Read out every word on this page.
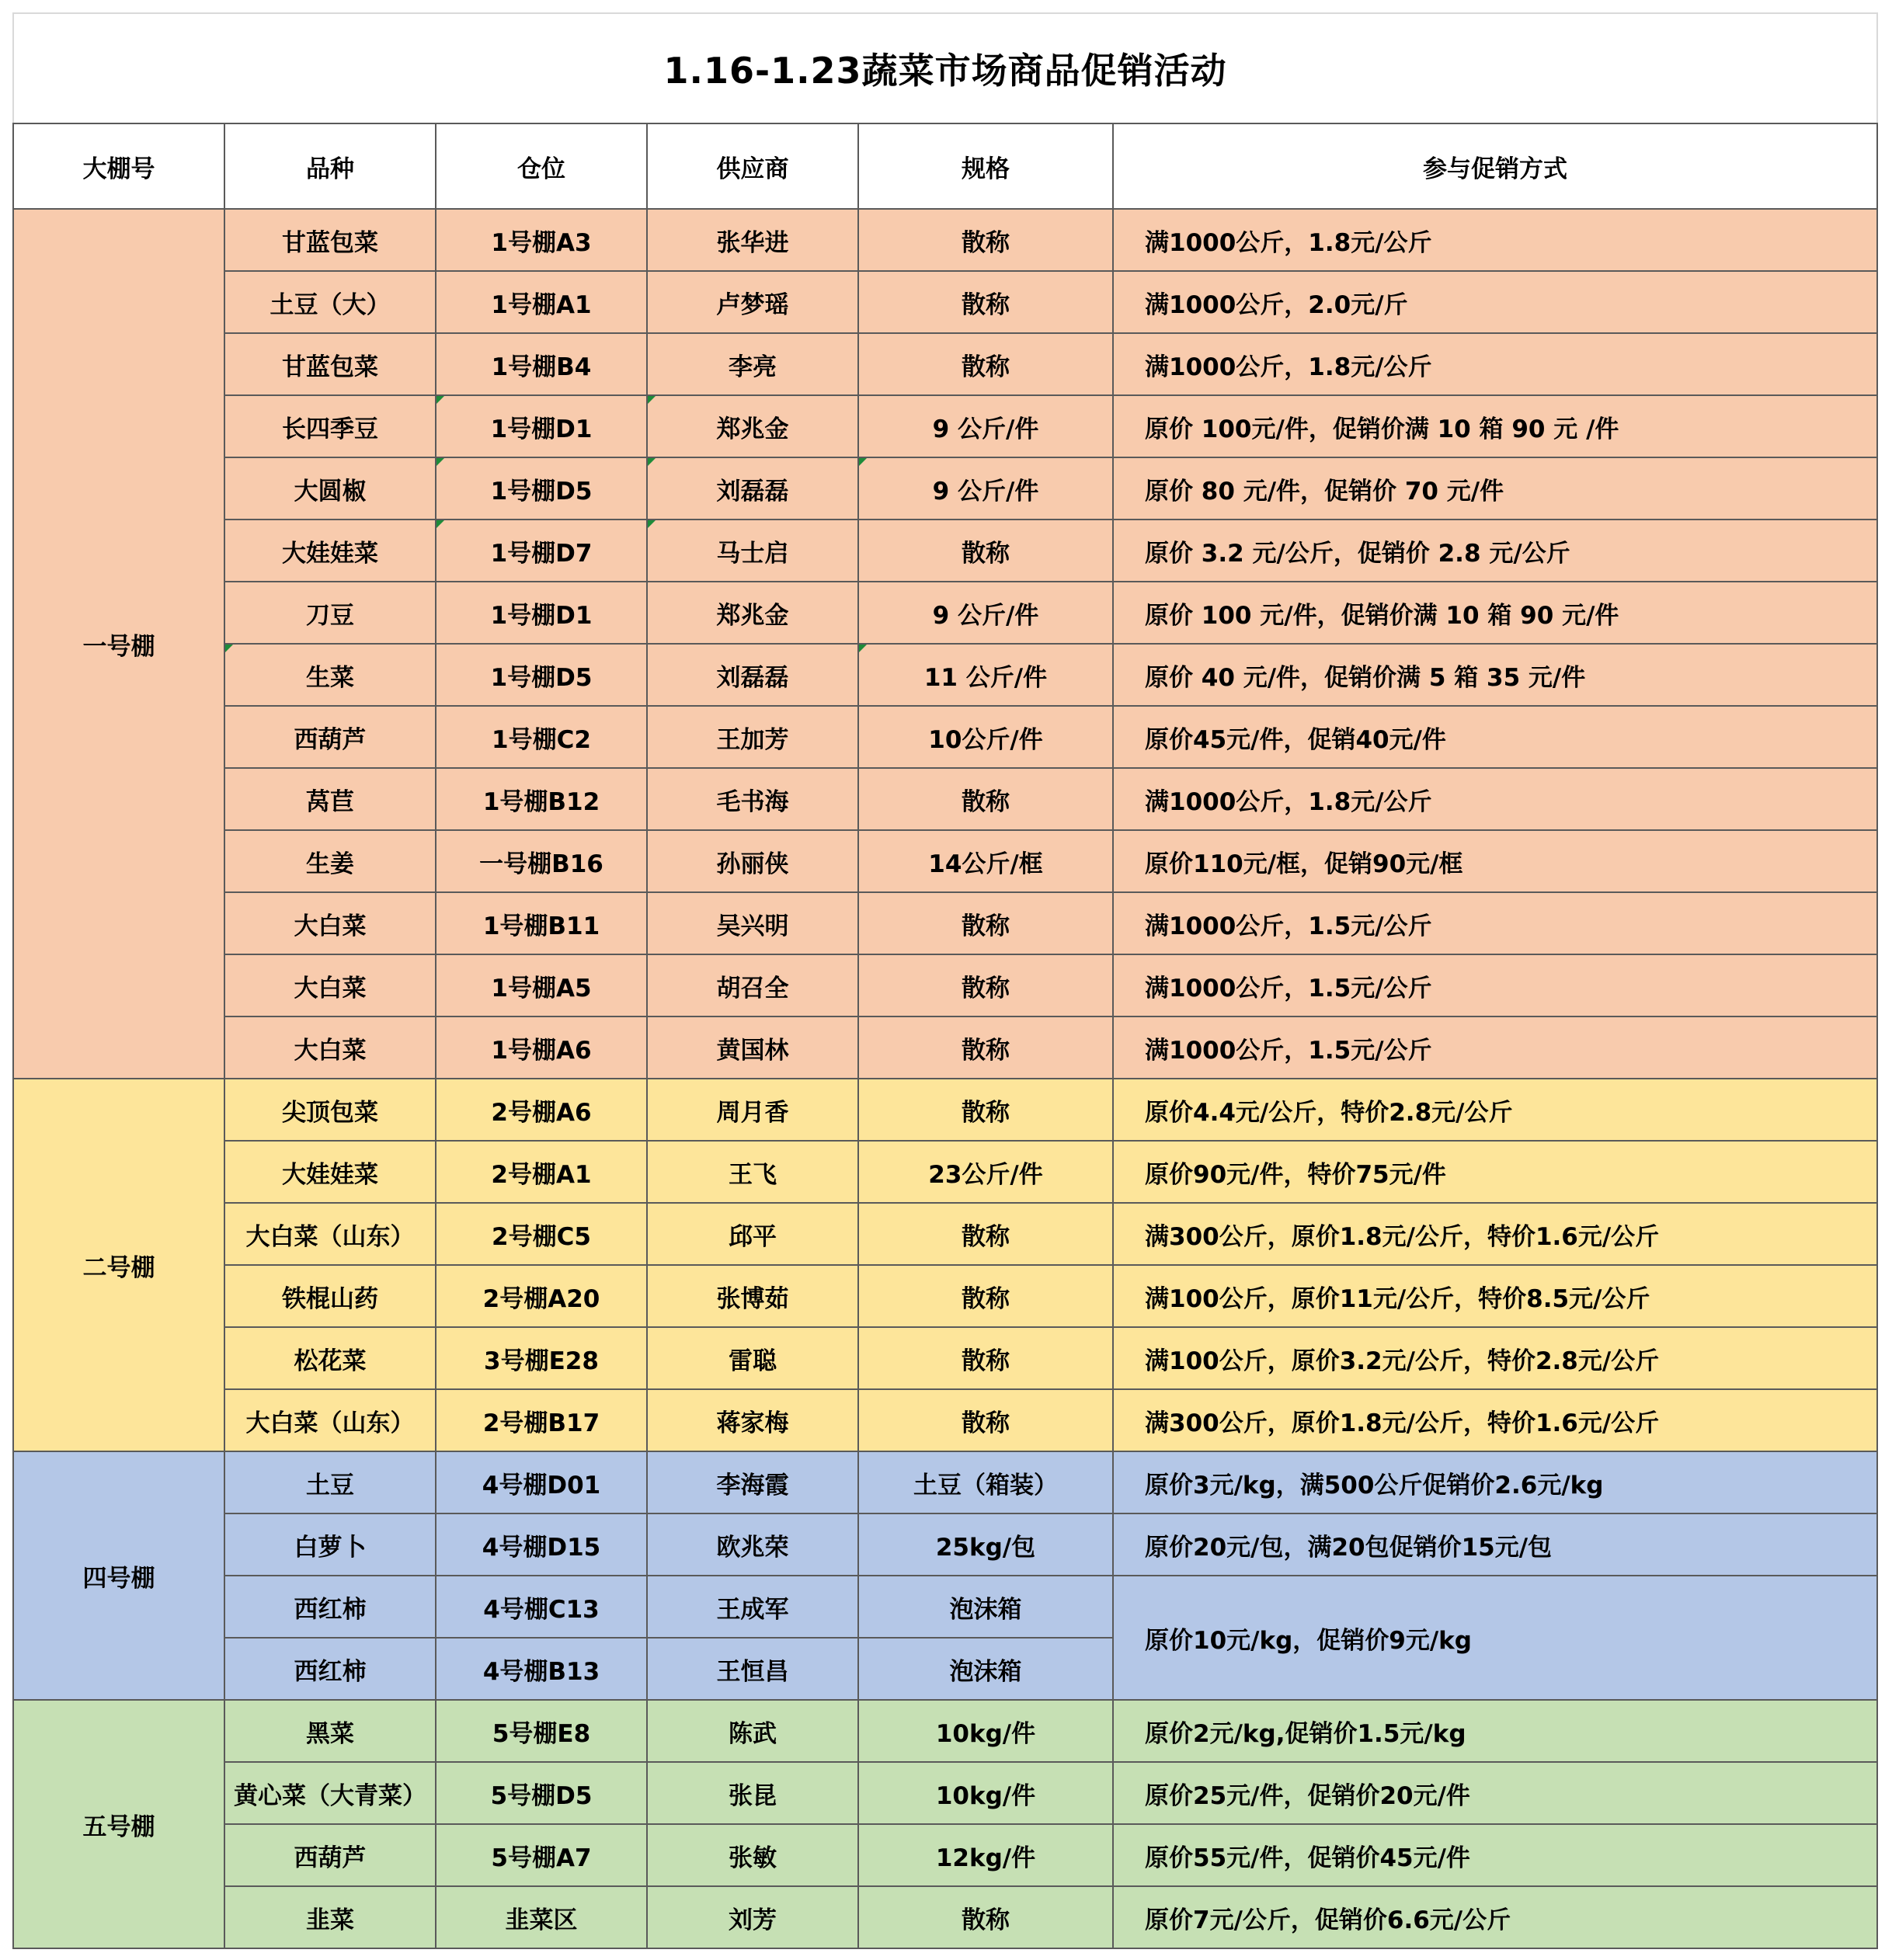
1.16-1.23蔬菜市场商品促销活动					
大棚号	品种	仓位	供应商	规格	参与促销方式
一号棚	甘蓝包菜	1号棚A3	张华进	散称	满1000公斤，1.8元/公斤
	土豆（大）	1号棚A1	卢梦瑶	散称	满1000公斤，2.0元/斤
	甘蓝包菜	1号棚B4	李亮	散称	满1000公斤，1.8元/公斤
	长四季豆	1号棚D1	郑兆金	9 公斤/件	原价 100元/件，促销价满 10 箱 90 元 /件
	大圆椒	1号棚D5	刘磊磊	9 公斤/件	原价 80 元/件，促销价 70 元/件
	大娃娃菜	1号棚D7	马士启	散称	原价 3.2 元/公斤，促销价 2.8 元/公斤
	刀豆	1号棚D1	郑兆金	9 公斤/件	原价 100 元/件，促销价满 10 箱 90 元/件
	生菜	1号棚D5	刘磊磊	11 公斤/件	原价 40 元/件，促销价满 5 箱 35 元/件
	西葫芦	1号棚C2	王加芳	10公斤/件	原价45元/件，促销40元/件
	莴苣	1号棚B12	毛书海	散称	满1000公斤，1.8元/公斤
	生姜	一号棚B16	孙丽侠	14公斤/框	原价110元/框，促销90元/框
	大白菜	1号棚B11	吴兴明	散称	满1000公斤，1.5元/公斤
	大白菜	1号棚A5	胡召全	散称	满1000公斤，1.5元/公斤
	大白菜	1号棚A6	黄国林	散称	满1000公斤，1.5元/公斤
二号棚	尖顶包菜	2号棚A6	周月香	散称	原价4.4元/公斤，特价2.8元/公斤
	大娃娃菜	2号棚A1	王飞	23公斤/件	原价90元/件，特价75元/件
	大白菜（山东）	2号棚C5	邱平	散称	满300公斤，原价1.8元/公斤，特价1.6元/公斤
	铁棍山药	2号棚A20	张博茹	散称	满100公斤，原价11元/公斤，特价8.5元/公斤
	松花菜	3号棚E28	雷聪	散称	满100公斤，原价3.2元/公斤，特价2.8元/公斤
	大白菜（山东）	2号棚B17	蒋家梅	散称	满300公斤，原价1.8元/公斤，特价1.6元/公斤
四号棚	土豆	4号棚D01	李海霞	土豆（箱装）	原价3元/kg，满500公斤促销价2.6元/kg
	白萝卜	4号棚D15	欧兆荣	25kg/包	原价20元/包，满20包促销价15元/包
	西红柿	4号棚C13	王成军	泡沫箱	原价10元/kg，促销价9元/kg
	西红柿	4号棚B13	王恒昌	泡沫箱	
五号棚	黑菜	5号棚E8	陈武	10kg/件	原价2元/kg,促销价1.5元/kg
	黄心菜（大青菜）	5号棚D5	张昆	10kg/件	原价25元/件，促销价20元/件
	西葫芦	5号棚A7	张敏	12kg/件	原价55元/件，促销价45元/件
	韭菜	韭菜区	刘芳	散称	原价7元/公斤，促销价6.6元/公斤
